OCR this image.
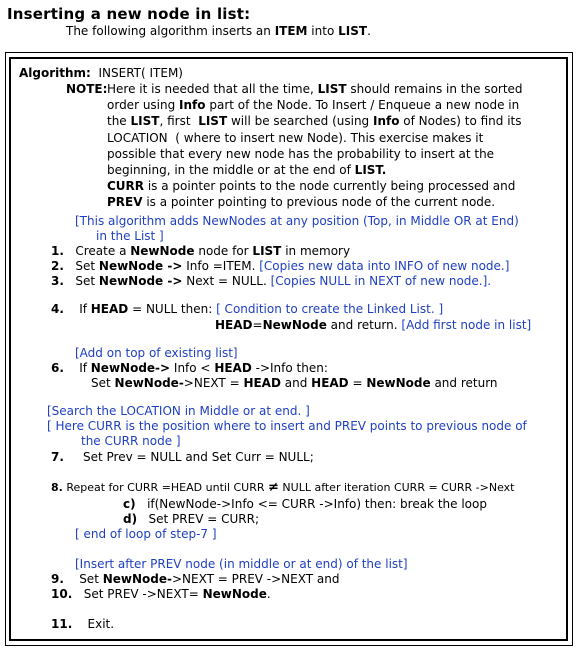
Inserting a new node in list:
The following algorithm inserts an ITEM into LIST.
Algorithm: INSERT( ITEM)
NOTE: Here it is needed that all the time, LIST should remains in the sorted
order using Info part of the Node. To Insert / Enqueue a new node in
the LIST, first  LIST will be searched (using Info of Nodes) to find its
LOCATION  ( where to insert new Node). This exercise makes it
possible that every new node has the probability to insert at the
beginning, in the middle or at the end of LIST.
CURR is a pointer points to the node currently being processed and
PREV is a pointer pointing to previous node of the current node.
[This algorithm adds NewNodes at any position (Top, in Middle OR at End)
in the List ]
1. Create a NewNode node for LIST in memory
2. Set NewNode -> Info =ITEM. [Copies new data into INFO of new node.]
3. Set NewNode -> Next = NULL. [Copies NULL in NEXT of new node.].
4. If HEAD = NULL then: [ Condition to create the Linked List. ]
HEAD=NewNode and return. [Add first node in list]
[Add on top of existing list]
6. If NewNode-> Info < HEAD ->Info then:
Set NewNode->NEXT = HEAD and HEAD = NewNode and return
[Search the LOCATION in Middle or at end. ]
[ Here CURR is the position where to insert and PREV points to previous node of
the CURR node ]
7. Set Prev = NULL and Set Curr = NULL;
8. Repeat for CURR =HEAD until CURR ≠ NULL after iteration CURR = CURR ->Next
c) if(NewNode->Info <= CURR ->Info) then: break the loop
d) Set PREV = CURR;
[ end of loop of step-7 ]
[Insert after PREV node (in middle or at end) of the list]
9. Set NewNode->NEXT = PREV ->NEXT and
10. Set PREV ->NEXT= NewNode.
11. Exit.
